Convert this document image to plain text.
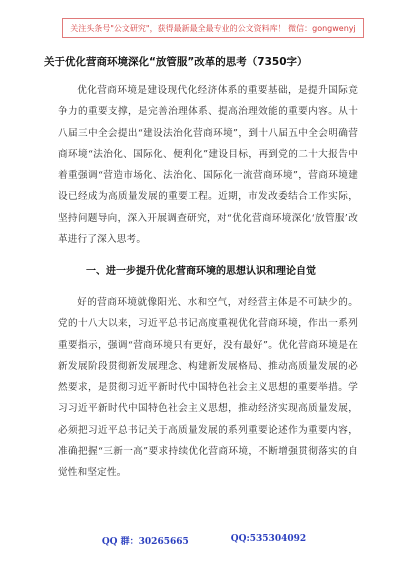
关注头条号"公文研究"，获得最新最全最专业的公文资料库！ 微信：gongwenyj
关于优化营商环境深化“放管服”改革的思考（7350字）
优化营商环境是建设现代化经济体系的重要基础，是提升国际竞争力的重要支撑，是完善治理体系、提高治理效能的重要内容。从十八届三中全会提出“建设法治化营商环境”，到十八届五中全会明确营商环境“法治化、国际化、便利化”建设目标，再到党的二十大报告中着重强调“营造市场化、法治化、国际化一流营商环境”，营商环境建设已经成为高质量发展的重要工程。近期，市发改委结合工作实际，坚持问题导向，深入开展调查研究，对“优化营商环境深化‘放管服’改革进行了深入思考。
一、进一步提升优化营商环境的思想认识和理论自觉
好的营商环境就像阳光、水和空气，对经营主体是不可缺少的。党的十八大以来，习近平总书记高度重视优化营商环境，作出一系列重要指示，强调“营商环境只有更好，没有最好”。优化营商环境是在新发展阶段贯彻新发展理念、构建新发展格局、推动高质量发展的必然要求，是贯彻习近平新时代中国特色社会主义思想的重要举措。学习习近平新时代中国特色社会主义思想，推动经济实现高质量发展，必须把习近平总书记关于高质量发展的系列重要论述作为重要内容，准确把握“三新一高”要求持续优化营商环境，不断增强贯彻落实的自觉性和坚定性。
QQ 群：30265665	QQ:535304092
